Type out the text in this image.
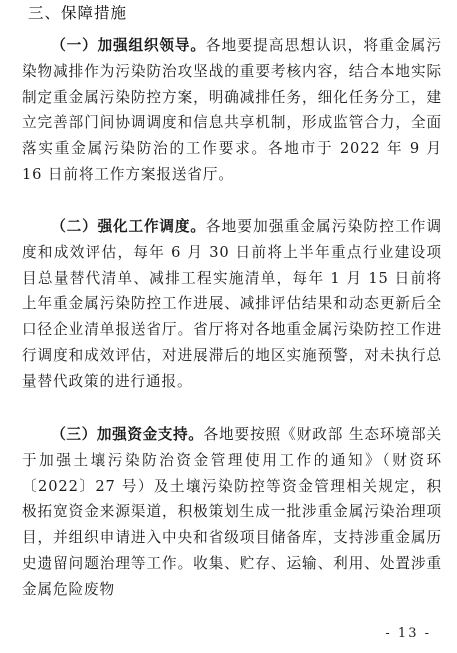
三、保障措施

（一）加强组织领导。各地要提高思想认识，将重金属污染物减排作为污染防治攻坚战的重要考核内容，结合本地实际制定重金属污染防控方案，明确减排任务，细化任务分工，建立完善部门间协调调度和信息共享机制，形成监管合力，全面落实重金属污染防治的工作要求。各地市于 2022 年 9 月 16 日前将工作方案报送省厅。

（二）强化工作调度。各地要加强重金属污染防控工作调度和成效评估，每年 6 月 30 日前将上半年重点行业建设项目总量替代清单、减排工程实施清单，每年 1 月 15 日前将上年重金属污染防控工作进展、减排评估结果和动态更新后全口径企业清单报送省厅。省厅将对各地重金属污染防控工作进行调度和成效评估，对进展滞后的地区实施预警，对未执行总量替代政策的进行通报。

（三）加强资金支持。各地要按照《财政部 生态环境部关于加强土壤污染防治资金管理使用工作的通知》（财资环〔2022〕27 号）及土壤污染防控等资金管理相关规定，积极拓宽资金来源渠道，积极策划生成一批涉重金属污染治理项目，并组织申请进入中央和省级项目储备库，支持涉重金属历史遗留问题治理等工作。收集、贮存、运输、利用、处置涉重金属危险废物

- 13 -
